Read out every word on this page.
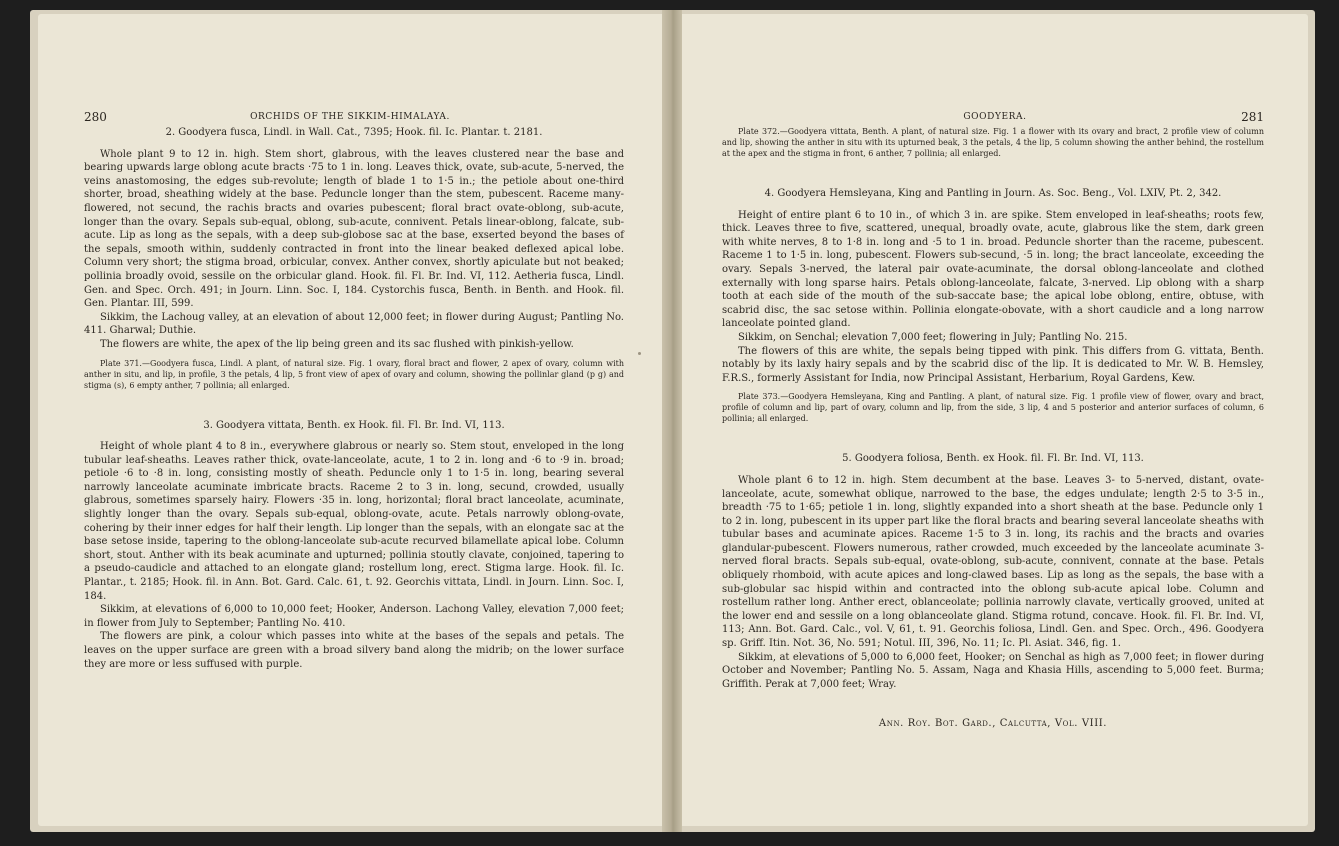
280	ORCHIDS OF THE SIKKIM-HIMALAYA.

2. Goodyera fusca, Lindl. in Wall. Cat., 7395; Hook. fil. Ic. Plantar. t. 2181.

Whole plant 9 to 12 in. high. Stem short, glabrous, with the leaves clustered near the base and bearing upwards large oblong acute bracts ·75 to 1 in. long. Leaves thick, ovate, sub-acute, 5-nerved, the veins anastomosing, the edges sub-revolute; length of blade 1 to 1·5 in.; the petiole about one-third shorter, broad, sheathing widely at the base. Peduncle longer than the stem, pubescent. Raceme many-flowered, not secund, the rachis bracts and ovaries pubescent; floral bract ovate-oblong, sub-acute, longer than the ovary. Sepals sub-equal, oblong, sub-acute, connivent. Petals linear-oblong, falcate, sub-acute. Lip as long as the sepals, with a deep sub-globose sac at the base, exserted beyond the bases of the sepals, smooth within, suddenly contracted in front into the linear beaked deflexed apical lobe. Column very short; the stigma broad, orbicular, convex. Anther convex, shortly apiculate but not beaked; pollinia broadly ovoid, sessile on the orbicular gland. Hook. fil. Fl. Br. Ind. VI, 112. Aetheria fusca, Lindl. Gen. and Spec. Orch. 491; in Journ. Linn. Soc. I, 184. Cystorchis fusca, Benth. in Benth. and Hook. fil. Gen. Plantar. III, 599.

Sikkim, the Lachoug valley, at an elevation of about 12,000 feet; in flower during August; Pantling No. 411. Gharwal; Duthie.

The flowers are white, the apex of the lip being green and its sac flushed with pinkish-yellow.

Plate 371.—Goodyera fusca, Lindl. A plant, of natural size. Fig. 1 ovary, floral bract and flower, 2 apex of ovary, column with anther in situ, and lip, in profile, 3 the petals, 4 lip, 5 front view of apex of ovary and column, showing the pollinlar gland (p g) and stigma (s), 6 empty anther, 7 pollinia; all enlarged.

3. Goodyera vittata, Benth. ex Hook. fil. Fl. Br. Ind. VI, 113.

Height of whole plant 4 to 8 in., everywhere glabrous or nearly so. Stem stout, enveloped in the long tubular leaf-sheaths. Leaves rather thick, ovate-lanceolate, acute, 1 to 2 in. long and ·6 to ·9 in. broad; petiole ·6 to ·8 in. long, consisting mostly of sheath. Peduncle only 1 to 1·5 in. long, bearing several narrowly lanceolate acuminate imbricate bracts. Raceme 2 to 3 in. long, secund, crowded, usually glabrous, sometimes sparsely hairy. Flowers ·35 in. long, horizontal; floral bract lanceolate, acuminate, slightly longer than the ovary. Sepals sub-equal, oblong-ovate, acute. Petals narrowly oblong-ovate, cohering by their inner edges for half their length. Lip longer than the sepals, with an elongate sac at the base setose inside, tapering to the oblong-lanceolate sub-acute recurved bilamellate apical lobe. Column short, stout. Anther with its beak acuminate and upturned; pollinia stoutly clavate, conjoined, tapering to a pseudo-caudicle and attached to an elongate gland; rostellum long, erect. Stigma large. Hook. fil. Ic. Plantar., t. 2185; Hook. fil. in Ann. Bot. Gard. Calc. 61, t. 92. Georchis vittata, Lindl. in Journ. Linn. Soc. I, 184.

Sikkim, at elevations of 6,000 to 10,000 feet; Hooker, Anderson. Lachong Valley, elevation 7,000 feet; in flower from July to September; Pantling No. 410.

The flowers are pink, a colour which passes into white at the bases of the sepals and petals. The leaves on the upper surface are green with a broad silvery band along the midrib; on the lower surface they are more or less suffused with purple.

281
GOODYERA.

Plate 372.—Goodyera vittata, Benth. A plant, of natural size. Fig. 1 a flower with its ovary and bract, 2 profile view of column and lip, showing the anther in situ with its upturned beak, 3 the petals, 4 the lip, 5 column showing the anther behind, the rostellum at the apex and the stigma in front, 6 anther, 7 pollinia; all enlarged.

4. Goodyera Hemsleyana, King and Pantling in Journ. As. Soc. Beng., Vol. LXIV, Pt. 2, 342.

Height of entire plant 6 to 10 in., of which 3 in. are spike. Stem enveloped in leaf-sheaths; roots few, thick. Leaves three to five, scattered, unequal, broadly ovate, acute, glabrous like the stem, dark green with white nerves, 8 to 1·8 in. long and ·5 to 1 in. broad. Peduncle shorter than the raceme, pubescent. Raceme 1 to 1·5 in. long, pubescent. Flowers sub-secund, ·5 in. long; the bract lanceolate, exceeding the ovary. Sepals 3-nerved, the lateral pair ovate-acuminate, the dorsal oblong-lanceolate and clothed externally with long sparse hairs. Petals oblong-lanceolate, falcate, 3-nerved. Lip oblong with a sharp tooth at each side of the mouth of the sub-saccate base; the apical lobe oblong, entire, obtuse, with scabrid disc, the sac setose within. Pollinia elongate-obovate, with a short caudicle and a long narrow lanceolate pointed gland.

Sikkim, on Senchal; elevation 7,000 feet; flowering in July; Pantling No. 215.

The flowers of this are white, the sepals being tipped with pink. This differs from G. vittata, Benth. notably by its laxly hairy sepals and by the scabrid disc of the lip. It is dedicated to Mr. W. B. Hemsley, F.R.S., formerly Assistant for India, now Principal Assistant, Herbarium, Royal Gardens, Kew.

Plate 373.—Goodyera Hemsleyana, King and Pantling. A plant, of natural size. Fig. 1 profile view of flower, ovary and bract, profile of column and lip, part of ovary, column and lip, from the side, 3 lip, 4 and 5 posterior and anterior surfaces of column, 6 pollinia; all enlarged.

5. Goodyera foliosa, Benth. ex Hook. fil. Fl. Br. Ind. VI, 113.

Whole plant 6 to 12 in. high. Stem decumbent at the base. Leaves 3- to 5-nerved, distant, ovate-lanceolate, acute, somewhat oblique, narrowed to the base, the edges undulate; length 2·5 to 3·5 in., breadth ·75 to 1·65; petiole 1 in. long, slightly expanded into a short sheath at the base. Peduncle only 1 to 2 in. long, pubescent in its upper part like the floral bracts and bearing several lanceolate sheaths with tubular bases and acuminate apices. Raceme 1·5 to 3 in. long, its rachis and the bracts and ovaries glandular-pubescent. Flowers numerous, rather crowded, much exceeded by the lanceolate acuminate 3-nerved floral bracts. Sepals sub-equal, ovate-oblong, sub-acute, connivent, connate at the base. Petals obliquely rhomboid, with acute apices and long-clawed bases. Lip as long as the sepals, the base with a sub-globular sac hispid within and contracted into the oblong sub-acute apical lobe. Column and rostellum rather long. Anther erect, oblanceolate; pollinia narrowly clavate, vertically grooved, united at the lower end and sessile on a long oblanceolate gland. Stigma rotund, concave. Hook. fil. Fl. Br. Ind. VI, 113; Ann. Bot. Gard. Calc., vol. V, 61, t. 91. Georchis foliosa, Lindl. Gen. and Spec. Orch., 496. Goodyera sp. Griff. Itin. Not. 36, No. 591; Notul. III, 396, No. 11; Ic. Pl. Asiat. 346, fig. 1.

Sikkim, at elevations of 5,000 to 6,000 feet, Hooker; on Senchal as high as 7,000 feet; in flower during October and November; Pantling No. 5. Assam, Naga and Khasia Hills, ascending to 5,000 feet. Burma; Griffith. Perak at 7,000 feet; Wray.

Ann. Roy. Bot. Gard., Calcutta, Vol. VIII.
